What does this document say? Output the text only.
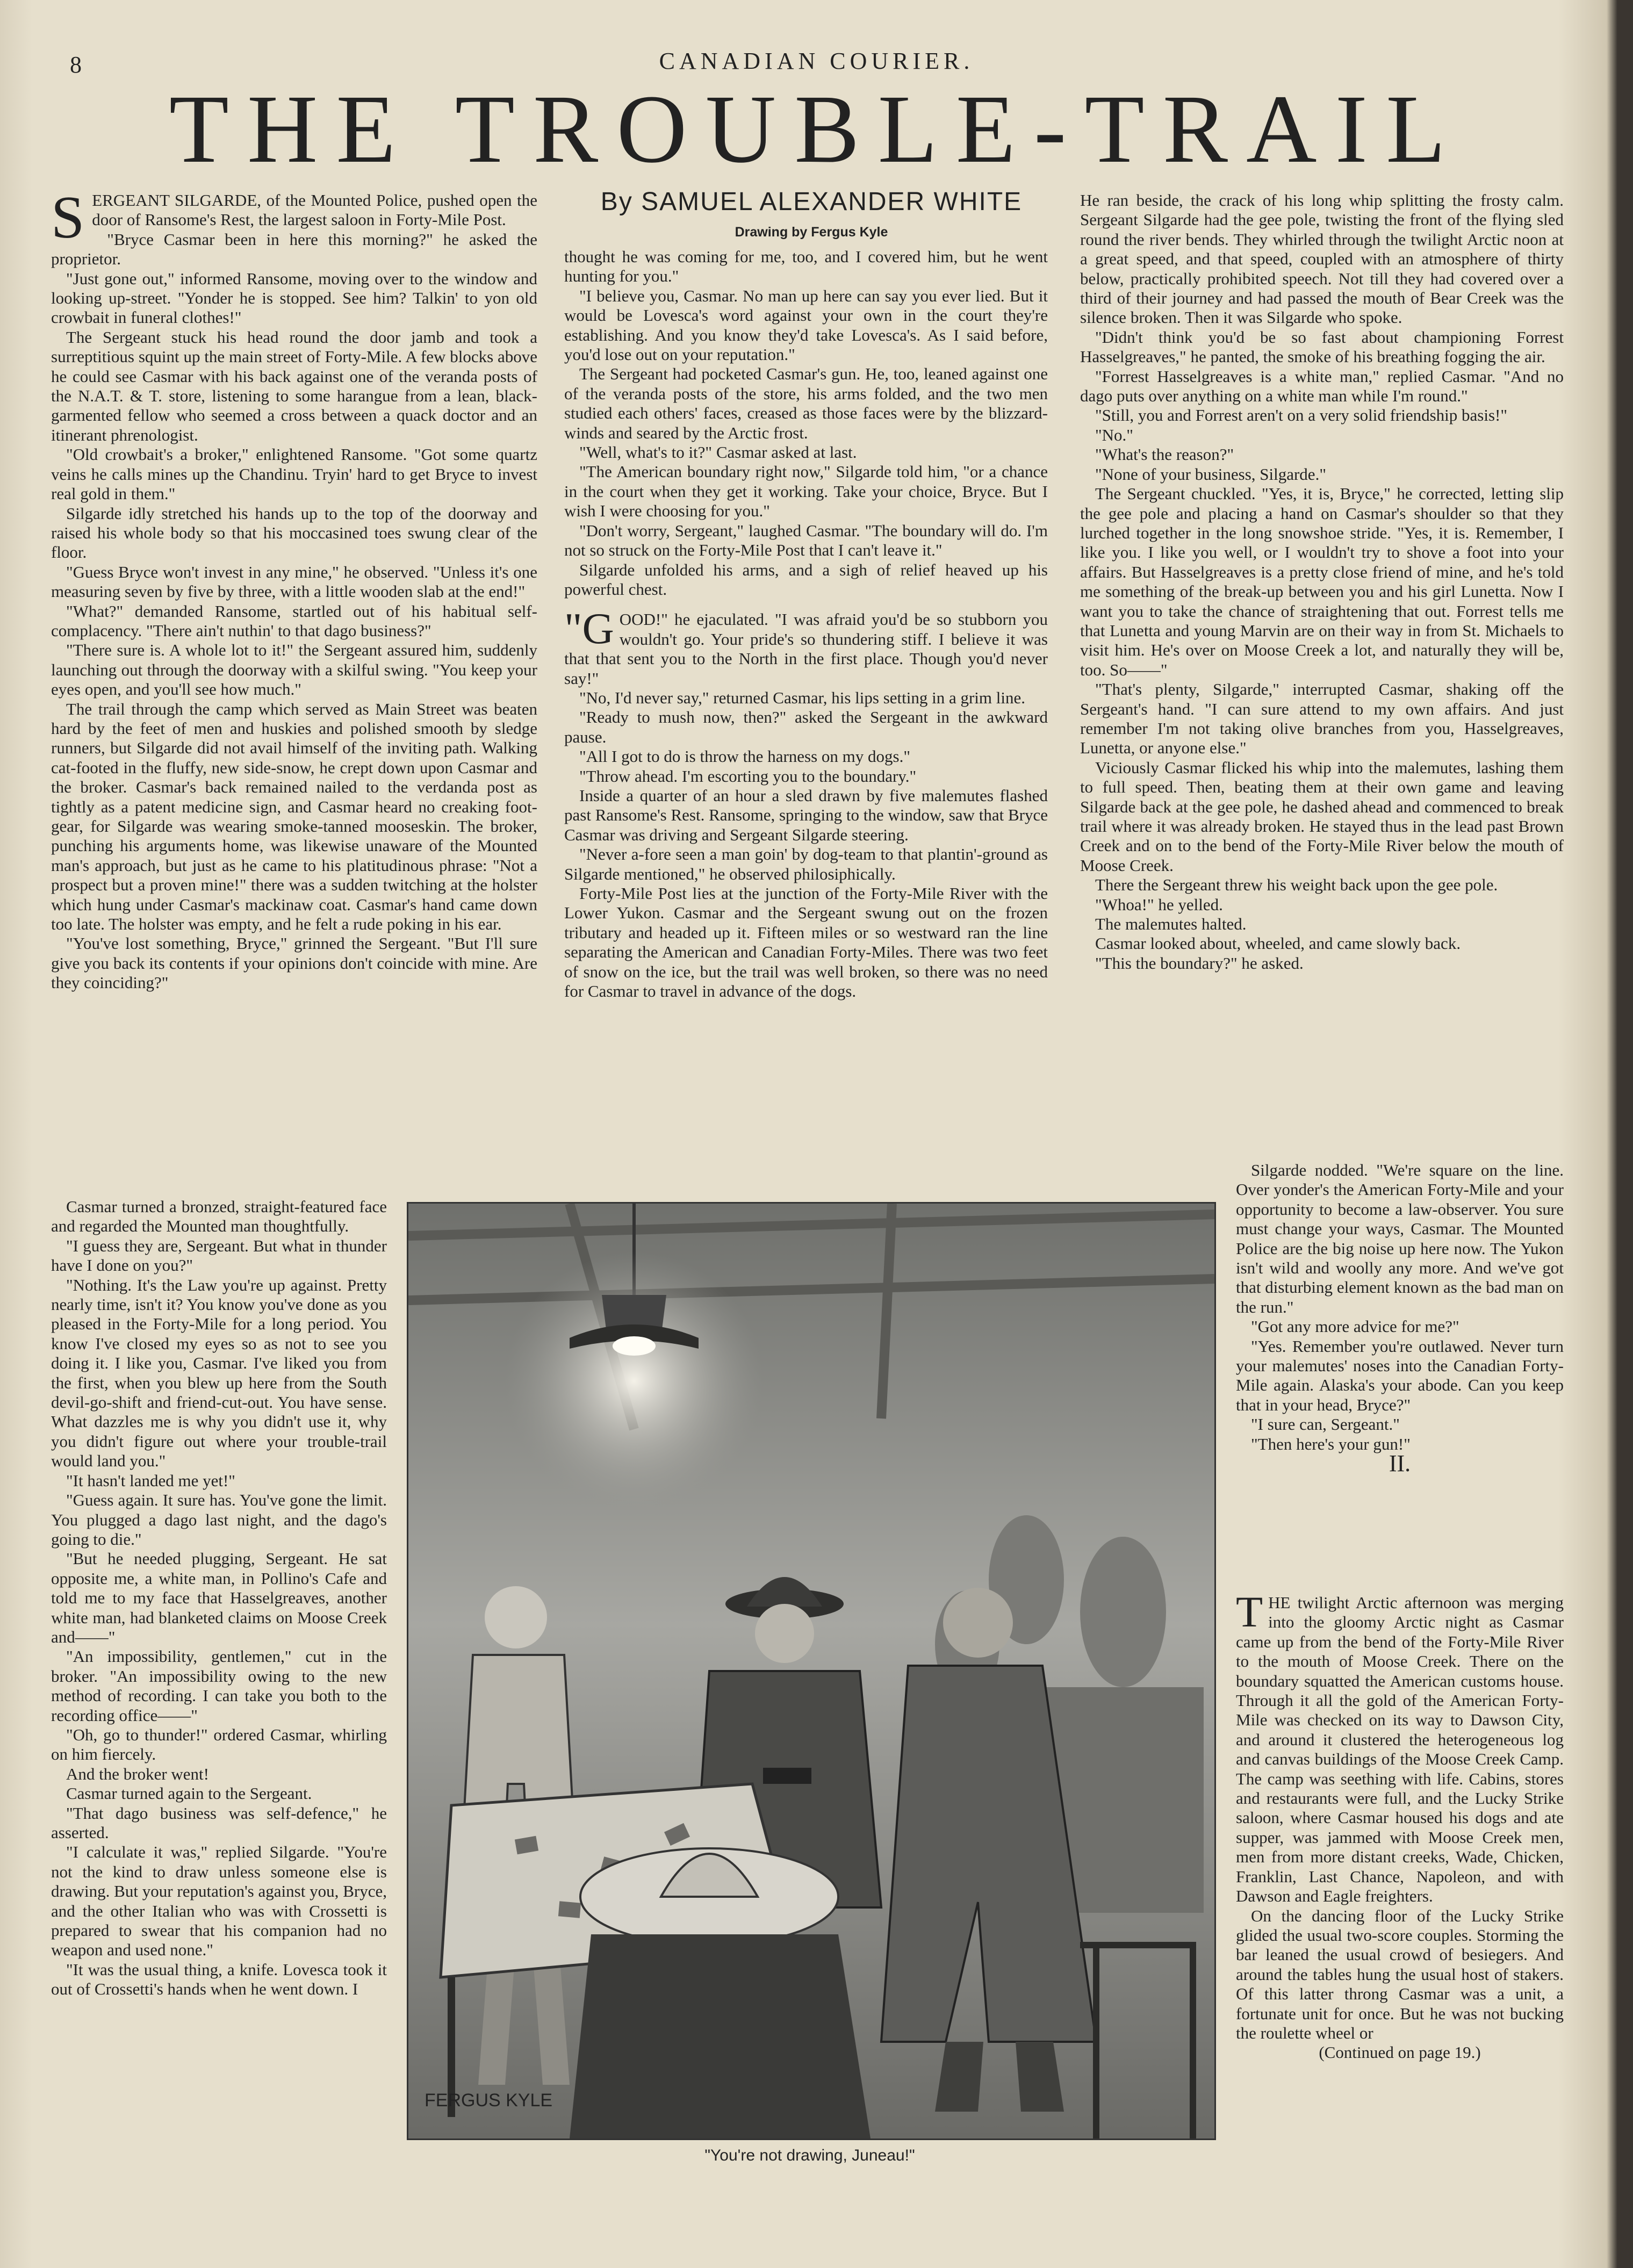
8	CANADIAN COURIER.
THE TROUBLE-TRAIL
By SAMUEL ALEXANDER WHITE
Drawing by Fergus Kyle

SERGEANT SILGARDE, of the Mounted Police, pushed open the door of Ransome's Rest, the largest saloon in Forty-Mile Post.

"Bryce Casmar been in here this morning?" he asked the proprietor.

"Just gone out," informed Ransome, moving over to the window and looking up-street. "Yonder he is stopped. See him? Talkin' to yon old crowbait in funeral clothes!"

The Sergeant stuck his head round the door jamb and took a surreptitious squint up the main street of Forty-Mile. A few blocks above he could see Casmar with his back against one of the veranda posts of the N.A.T. & T. store, listening to some harangue from a lean, black-garmented fellow who seemed a cross between a quack doctor and an itinerant phrenologist.

"Old crowbait's a broker," enlightened Ransome. "Got some quartz veins he calls mines up the Chandinu. Tryin' hard to get Bryce to invest real gold in them."

Silgarde idly stretched his hands up to the top of the doorway and raised his whole body so that his moccasined toes swung clear of the floor.

"Guess Bryce won't invest in any mine," he observed. "Unless it's one measuring seven by five by three, with a little wooden slab at the end!"

"What?" demanded Ransome, startled out of his habitual self-complacency. "There ain't nuthin' to that dago business?"

"There sure is. A whole lot to it!" the Sergeant assured him, suddenly launching out through the doorway with a skilful swing. "You keep your eyes open, and you'll see how much."

The trail through the camp which served as Main Street was beaten hard by the feet of men and huskies and polished smooth by sledge runners, but Silgarde did not avail himself of the inviting path. Walking cat-footed in the fluffy, new side-snow, he crept down upon Casmar and the broker. Casmar's back remained nailed to the verdanda post as tightly as a patent medicine sign, and Casmar heard no creaking foot-gear, for Silgarde was wearing smoke-tanned mooseskin. The broker, punching his arguments home, was likewise unaware of the Mounted man's approach, but just as he came to his platitudinous phrase: "Not a prospect but a proven mine!" there was a sudden twitching at the holster which hung under Casmar's mackinaw coat. Casmar's hand came down too late. The holster was empty, and he felt a rude poking in his ear.

"You've lost something, Bryce," grinned the Sergeant. "But I'll sure give you back its contents if your opinions don't coincide with mine. Are they coinciding?"

Casmar turned a bronzed, straight-featured face and regarded the Mounted man thoughtfully.

"I guess they are, Sergeant. But what in thunder have I done on you?"

"Nothing. It's the Law you're up against. Pretty nearly time, isn't it? You know you've done as you pleased in the Forty-Mile for a long period. You know I've closed my eyes so as not to see you doing it. I like you, Casmar. I've liked you from the first, when you blew up here from the South devil-go-shift and friend-cut-out. You have sense. What dazzles me is why you didn't use it, why you didn't figure out where your trouble-trail would land you."

"It hasn't landed me yet!"

"Guess again. It sure has. You've gone the limit. You plugged a dago last night, and the dago's going to die."

"But he needed plugging, Sergeant. He sat opposite me, a white man, in Pollino's Cafe and told me to my face that Hasselgreaves, another white man, had blanketed claims on Moose Creek and——"

"An impossibility, gentlemen," cut in the broker. "An impossibility owing to the new method of recording. I can take you both to the recording office——"

"Oh, go to thunder!" ordered Casmar, whirling on him fiercely.

And the broker went!

Casmar turned again to the Sergeant.

"That dago business was self-defence," he asserted.

"I calculate it was," replied Silgarde. "You're not the kind to draw unless someone else is drawing. But your reputation's against you, Bryce, and the other Italian who was with Crossetti is prepared to swear that his companion had no weapon and used none."

"It was the usual thing, a knife. Lovesca took it out of Crossetti's hands when he went down. I

thought he was coming for me, too, and I covered him, but he went hunting for you."

"I believe you, Casmar. No man up here can say you ever lied. But it would be Lovesca's word against your own in the court they're establishing. And you know they'd take Lovesca's. As I said before, you'd lose out on your reputation."

The Sergeant had pocketed Casmar's gun. He, too, leaned against one of the veranda posts of the store, his arms folded, and the two men studied each others' faces, creased as those faces were by the blizzard-winds and seared by the Arctic frost.

"Well, what's to it?" Casmar asked at last.

"The American boundary right now," Silgarde told him, "or a chance in the court when they get it working. Take your choice, Bryce. But I wish I were choosing for you."

"Don't worry, Sergeant," laughed Casmar. "The boundary will do. I'm not so struck on the Forty-Mile Post that I can't leave it."

Silgarde unfolded his arms, and a sigh of relief heaved up his powerful chest.

"GOOD!" he ejaculated. "I was afraid you'd be so stubborn you wouldn't go. Your pride's so thundering stiff. I believe it was that that sent you to the North in the first place. Though you'd never say!"

"No, I'd never say," returned Casmar, his lips setting in a grim line.

"Ready to mush now, then?" asked the Sergeant in the awkward pause.

"All I got to do is throw the harness on my dogs."

"Throw ahead. I'm escorting you to the boundary."

Inside a quarter of an hour a sled drawn by five malemutes flashed past Ransome's Rest. Ransome, springing to the window, saw that Bryce Casmar was driving and Sergeant Silgarde steering.

"Never a-fore seen a man goin' by dog-team to that plantin'-ground as Silgarde mentioned," he observed philosiphically.

Forty-Mile Post lies at the junction of the Forty-Mile River with the Lower Yukon. Casmar and the Sergeant swung out on the frozen tributary and headed up it. Fifteen miles or so westward ran the line separating the American and Canadian Forty-Miles. There was two feet of snow on the ice, but the trail was well broken, so there was no need for Casmar to travel in advance of the dogs.

He ran beside, the crack of his long whip splitting the frosty calm. Sergeant Silgarde had the gee pole, twisting the front of the flying sled round the river bends. They whirled through the twilight Arctic noon at a great speed, and that speed, coupled with an atmosphere of thirty below, practically prohibited speech. Not till they had covered over a third of their journey and had passed the mouth of Bear Creek was the silence broken. Then it was Silgarde who spoke.

"Didn't think you'd be so fast about championing Forrest Hasselgreaves," he panted, the smoke of his breathing fogging the air.

"Forrest Hasselgreaves is a white man," replied Casmar. "And no dago puts over anything on a white man while I'm round."

"Still, you and Forrest aren't on a very solid friendship basis!"

"No."

"What's the reason?"

"None of your business, Silgarde."

The Sergeant chuckled. "Yes, it is, Bryce," he corrected, letting slip the gee pole and placing a hand on Casmar's shoulder so that they lurched together in the long snowshoe stride. "Yes, it is. Remember, I like you. I like you well, or I wouldn't try to shove a foot into your affairs. But Hasselgreaves is a pretty close friend of mine, and he's told me something of the break-up between you and his girl Lunetta. Now I want you to take the chance of straightening that out. Forrest tells me that Lunetta and young Marvin are on their way in from St. Michaels to visit him. He's over on Moose Creek a lot, and naturally they will be, too. So——"

"That's plenty, Silgarde," interrupted Casmar, shaking off the Sergeant's hand. "I can sure attend to my own affairs. And just remember I'm not taking olive branches from you, Hasselgreaves, Lunetta, or anyone else."

Viciously Casmar flicked his whip into the malemutes, lashing them to full speed. Then, beating them at their own game and leaving Silgarde back at the gee pole, he dashed ahead and commenced to break trail where it was already broken. He stayed thus in the lead past Brown Creek and on to the bend of the Forty-Mile River below the mouth of Moose Creek.

There the Sergeant threw his weight back upon the gee pole.

"Whoa!" he yelled.

The malemutes halted.

Casmar looked about, wheeled, and came slowly back.

"This the boundary?" he asked.

Silgarde nodded. "We're square on the line. Over yonder's the American Forty-Mile and your opportunity to become a law-observer. You sure must change your ways, Casmar. The Mounted Police are the big noise up here now. The Yukon isn't wild and woolly any more. And we've got that disturbing element known as the bad man on the run."

"Got any more advice for me?"

"Yes. Remember you're outlawed. Never turn your malemutes' noses into the Canadian Forty-Mile again. Alaska's your abode. Can you keep that in your head, Bryce?"

"I sure can, Sergeant."

"Then here's your gun!"

II.

THE twilight Arctic afternoon was merging into the gloomy Arctic night as Casmar came up from the bend of the Forty-Mile River to the mouth of Moose Creek. There on the boundary squatted the American customs house. Through it all the gold of the American Forty-Mile was checked on its way to Dawson City, and around it clustered the heterogeneous log and canvas buildings of the Moose Creek Camp. The camp was seething with life. Cabins, stores and restaurants were full, and the Lucky Strike saloon, where Casmar housed his dogs and ate supper, was jammed with Moose Creek men, men from more distant creeks, Wade, Chicken, Franklin, Last Chance, Napoleon, and with Dawson and Eagle freighters.

On the dancing floor of the Lucky Strike glided the usual two-score couples. Storming the bar leaned the usual crowd of besiegers. And around the tables hung the usual host of stakers. Of this latter throng Casmar was a unit, a fortunate unit for once. But he was not bucking the roulette wheel or

(Continued on page 19.)

FERGUS KYLE
"You're not drawing, Juneau!"
